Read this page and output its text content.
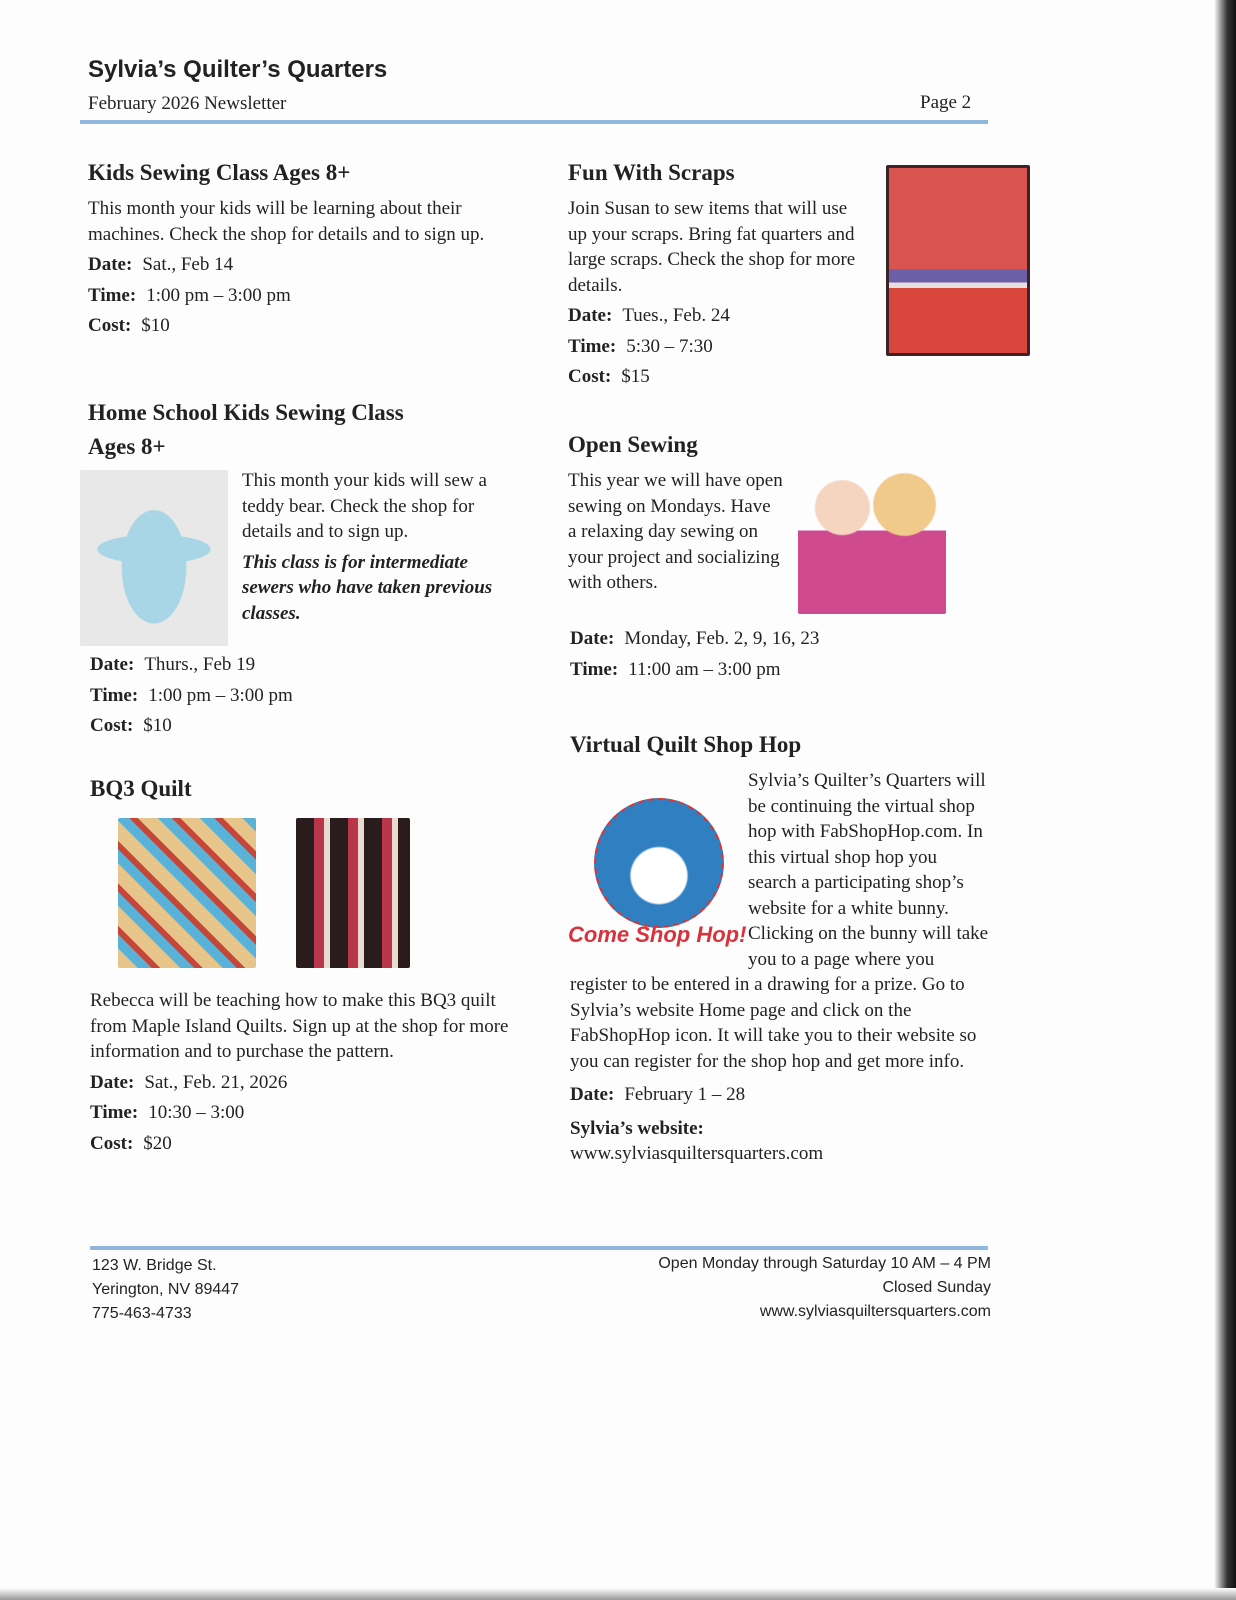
Sylvia’s Quilter’s Quarters
February 2026 Newsletter	Page 2
Kids Sewing Class Ages 8+

This month your kids will be learning about their machines. Check the shop for details and to sign up.

Date: Sat., Feb 14
Time: 1:00 pm – 3:00 pm
Cost: $10
Home School Kids Sewing Class Ages 8+

This month your kids will sew a teddy bear. Check the shop for details and to sign up.

This class is for intermediate sewers who have taken previous classes.

Date: Thurs., Feb 19
Time: 1:00 pm – 3:00 pm
Cost: $10
BQ3 Quilt

Rebecca will be teaching how to make this BQ3 quilt from Maple Island Quilts. Sign up at the shop for more information and to purchase the pattern.

Date: Sat., Feb. 21, 2026
Time: 10:30 – 3:00
Cost: $20
Fun With Scraps

Join Susan to sew items that will use up your scraps. Bring fat quarters and large scraps. Check the shop for more details.

Date: Tues., Feb. 24
Time: 5:30 – 7:30
Cost: $15
Open Sewing

This year we will have open sewing on Mondays. Have a relaxing day sewing on your project and socializing with others.

Date: Monday, Feb. 2, 9, 16, 23
Time: 11:00 am – 3:00 pm
Virtual Quilt Shop Hop
Come Shop Hop!

Sylvia’s Quilter’s Quarters will be continuing the virtual shop hop with FabShopHop.com. In this virtual shop hop you search a participating shop’s website for a white bunny. Clicking on the bunny will take you to a page where you register to be entered in a drawing for a prize. Go to Sylvia’s website Home page and click on the FabShopHop icon. It will take you to their website so you can register for the shop hop and get more info.

Date: February 1 – 28
Sylvia’s website:
www.sylviasquiltersquarters.com
123 W. Bridge St.
Yerington, NV 89447
775-463-4733
Open Monday through Saturday 10 AM – 4 PM
Closed Sunday
www.sylviasquiltersquarters.com
